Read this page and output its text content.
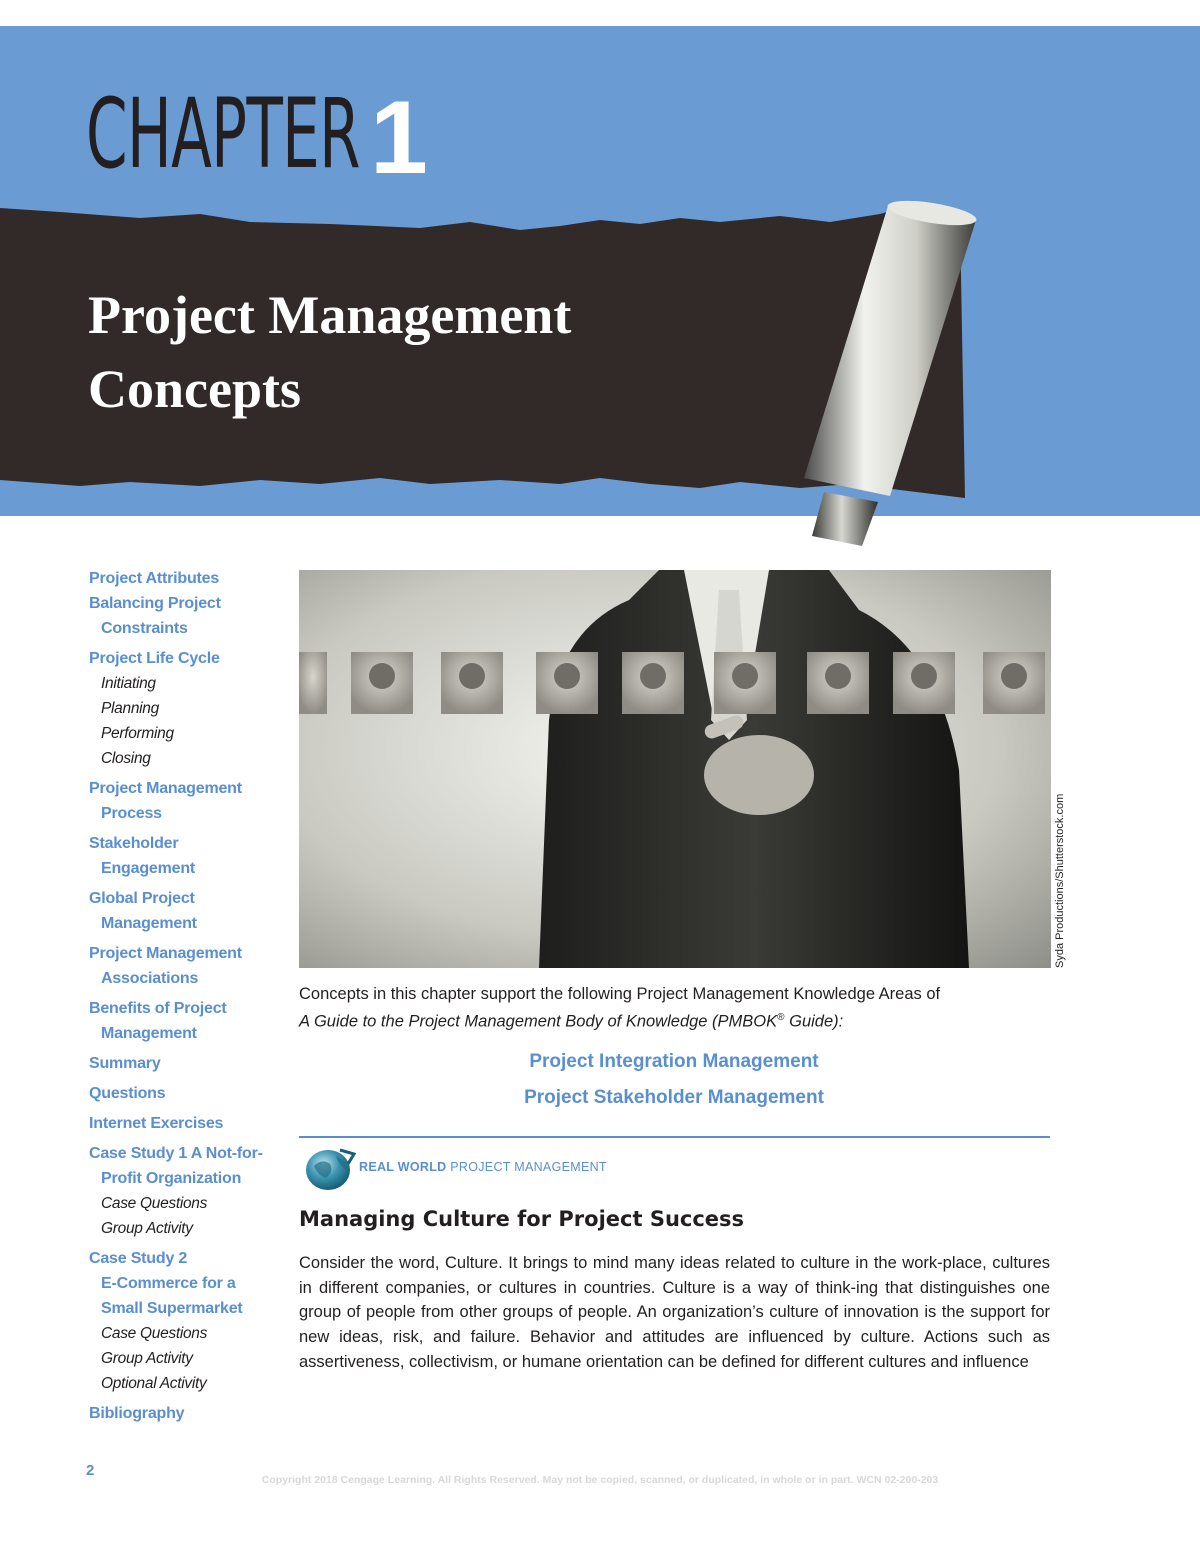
CHAPTER 1
Project Management
Concepts
Project Attributes
Balancing Project
Constraints
Project Life Cycle
Initiating
Planning
Performing
Closing
Project Management
Process
Stakeholder
Engagement
Global Project
Management
Project Management
Associations
Benefits of Project
Management
Summary
Questions
Internet Exercises
Case Study 1 A Not-for-
Profit Organization
Case Questions
Group Activity
Case Study 2
E-Commerce for a
Small Supermarket
Case Questions
Group Activity
Optional Activity
Bibliography
Syda Productions/Shutterstock.com
Concepts in this chapter support the following Project Management Knowledge Areas of
A Guide to the Project Management Body of Knowledge (PMBOK® Guide):
Project Integration Management
Project Stakeholder Management
REAL WORLD PROJECT MANAGEMENT
Managing Culture for Project Success
Consider the word, Culture. It brings to mind many ideas related to culture in the work-place, cultures in different companies, or cultures in countries. Culture is a way of think-ing that distinguishes one group of people from other groups of people. An organization’s culture of innovation is the support for new ideas, risk, and failure. Behavior and attitudes are influenced by culture. Actions such as assertiveness, collectivism, or humane orientation can be defined for different cultures and influence
2
Copyright 2018 Cengage Learning. All Rights Reserved. May not be copied, scanned, or duplicated, in whole or in part. WCN 02-200-203
